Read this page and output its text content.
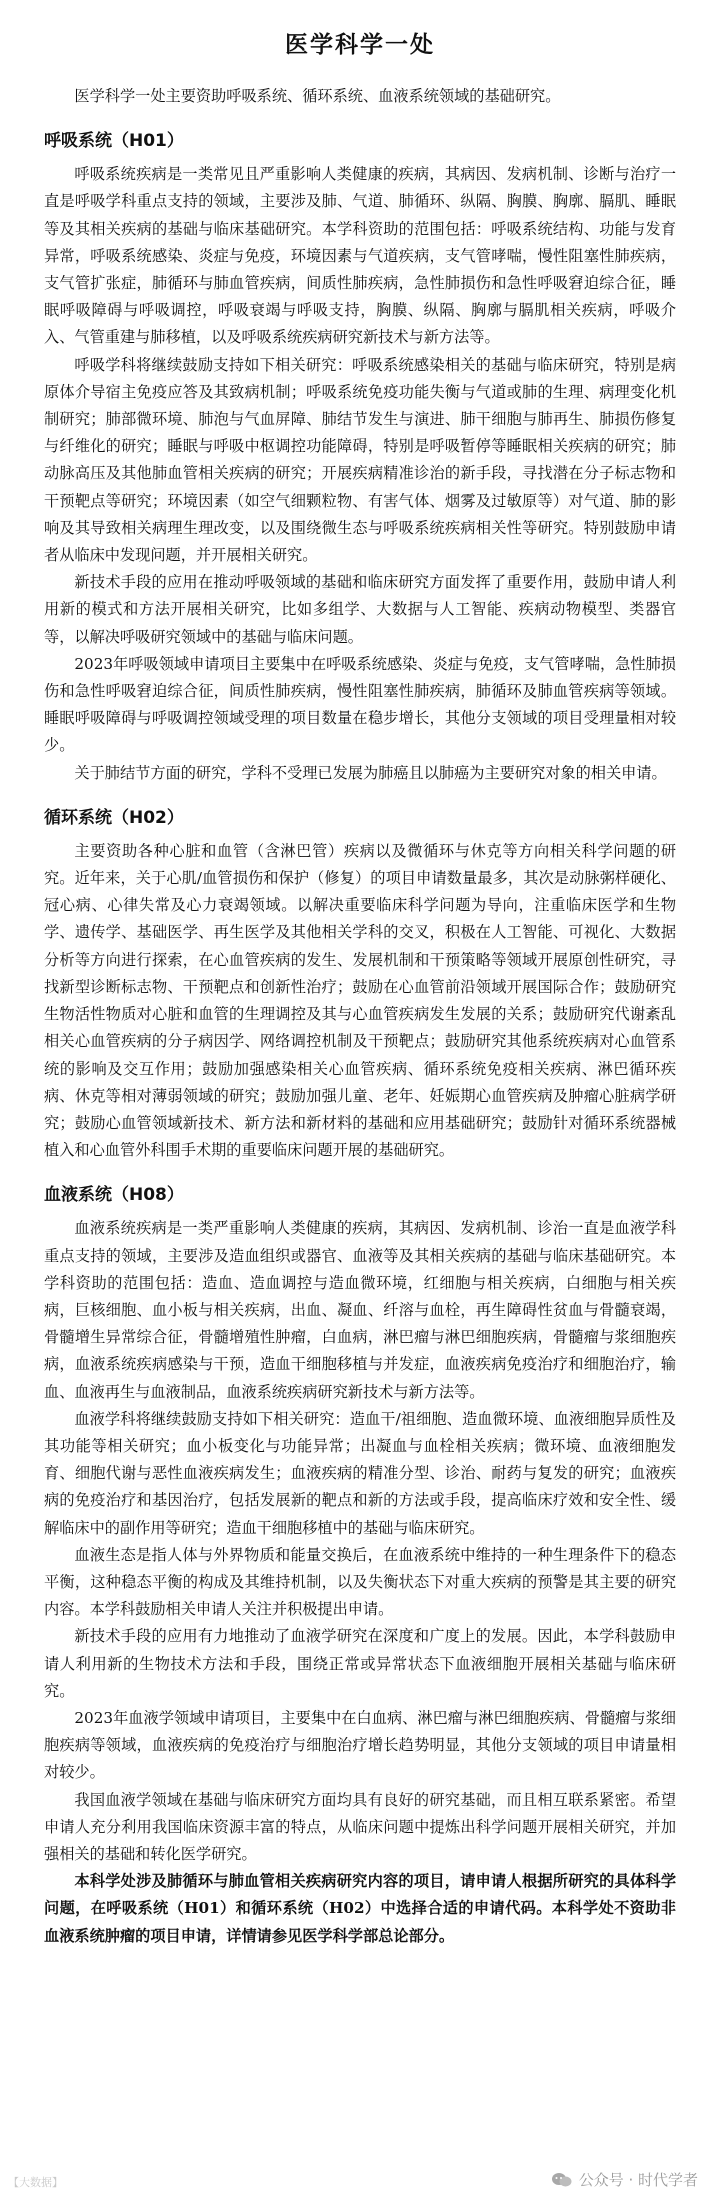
医学科学一处

医学科学一处主要资助呼吸系统、循环系统、血液系统领域的基础研究。

呼吸系统（H01）

呼吸系统疾病是一类常见且严重影响人类健康的疾病，其病因、发病机制、诊断与治疗一直是呼吸学科重点支持的领域，主要涉及肺、气道、肺循环、纵隔、胸膜、胸廓、膈肌、睡眠等及其相关疾病的基础与临床基础研究。本学科资助的范围包括：呼吸系统结构、功能与发育异常，呼吸系统感染、炎症与免疫，环境因素与气道疾病，支气管哮喘，慢性阻塞性肺疾病，支气管扩张症，肺循环与肺血管疾病，间质性肺疾病，急性肺损伤和急性呼吸窘迫综合征，睡眠呼吸障碍与呼吸调控，呼吸衰竭与呼吸支持，胸膜、纵隔、胸廓与膈肌相关疾病，呼吸介入、气管重建与肺移植，以及呼吸系统疾病研究新技术与新方法等。

呼吸学科将继续鼓励支持如下相关研究：呼吸系统感染相关的基础与临床研究，特别是病原体介导宿主免疫应答及其致病机制；呼吸系统免疫功能失衡与气道或肺的生理、病理变化机制研究；肺部微环境、肺泡与气血屏障、肺结节发生与演进、肺干细胞与肺再生、肺损伤修复与纤维化的研究；睡眠与呼吸中枢调控功能障碍，特别是呼吸暂停等睡眠相关疾病的研究；肺动脉高压及其他肺血管相关疾病的研究；开展疾病精准诊治的新手段，寻找潜在分子标志物和干预靶点等研究；环境因素（如空气细颗粒物、有害气体、烟雾及过敏原等）对气道、肺的影响及其导致相关病理生理改变，以及围绕微生态与呼吸系统疾病相关性等研究。特别鼓励申请者从临床中发现问题，并开展相关研究。

新技术手段的应用在推动呼吸领域的基础和临床研究方面发挥了重要作用，鼓励申请人利用新的模式和方法开展相关研究，比如多组学、大数据与人工智能、疾病动物模型、类器官等，以解决呼吸研究领域中的基础与临床问题。

2023年呼吸领域申请项目主要集中在呼吸系统感染、炎症与免疫，支气管哮喘，急性肺损伤和急性呼吸窘迫综合征，间质性肺疾病，慢性阻塞性肺疾病，肺循环及肺血管疾病等领域。睡眠呼吸障碍与呼吸调控领域受理的项目数量在稳步增长，其他分支领域的项目受理量相对较少。

关于肺结节方面的研究，学科不受理已发展为肺癌且以肺癌为主要研究对象的相关申请。

循环系统（H02）

主要资助各种心脏和血管（含淋巴管）疾病以及微循环与休克等方向相关科学问题的研究。近年来，关于心肌/血管损伤和保护（修复）的项目申请数量最多，其次是动脉粥样硬化、冠心病、心律失常及心力衰竭领域。以解决重要临床科学问题为导向，注重临床医学和生物学、遗传学、基础医学、再生医学及其他相关学科的交叉，积极在人工智能、可视化、大数据分析等方向进行探索，在心血管疾病的发生、发展机制和干预策略等领域开展原创性研究，寻找新型诊断标志物、干预靶点和创新性治疗；鼓励在心血管前沿领域开展国际合作；鼓励研究生物活性物质对心脏和血管的生理调控及其与心血管疾病发生发展的关系；鼓励研究代谢紊乱相关心血管疾病的分子病因学、网络调控机制及干预靶点；鼓励研究其他系统疾病对心血管系统的影响及交互作用；鼓励加强感染相关心血管疾病、循环系统免疫相关疾病、淋巴循环疾病、休克等相对薄弱领域的研究；鼓励加强儿童、老年、妊娠期心血管疾病及肿瘤心脏病学研究；鼓励心血管领域新技术、新方法和新材料的基础和应用基础研究；鼓励针对循环系统器械植入和心血管外科围手术期的重要临床问题开展的基础研究。

血液系统（H08）

血液系统疾病是一类严重影响人类健康的疾病，其病因、发病机制、诊治一直是血液学科重点支持的领域，主要涉及造血组织或器官、血液等及其相关疾病的基础与临床基础研究。本学科资助的范围包括：造血、造血调控与造血微环境，红细胞与相关疾病，白细胞与相关疾病，巨核细胞、血小板与相关疾病，出血、凝血、纤溶与血栓，再生障碍性贫血与骨髓衰竭，骨髓增生异常综合征，骨髓增殖性肿瘤，白血病，淋巴瘤与淋巴细胞疾病，骨髓瘤与浆细胞疾病，血液系统疾病感染与干预，造血干细胞移植与并发症，血液疾病免疫治疗和细胞治疗，输血、血液再生与血液制品，血液系统疾病研究新技术与新方法等。

血液学科将继续鼓励支持如下相关研究：造血干/祖细胞、造血微环境、血液细胞异质性及其功能等相关研究；血小板变化与功能异常；出凝血与血栓相关疾病；微环境、血液细胞发育、细胞代谢与恶性血液疾病发生；血液疾病的精准分型、诊治、耐药与复发的研究；血液疾病的免疫治疗和基因治疗，包括发展新的靶点和新的方法或手段，提高临床疗效和安全性、缓解临床中的副作用等研究；造血干细胞移植中的基础与临床研究。

血液生态是指人体与外界物质和能量交换后，在血液系统中维持的一种生理条件下的稳态平衡，这种稳态平衡的构成及其维持机制，以及失衡状态下对重大疾病的预警是其主要的研究内容。本学科鼓励相关申请人关注并积极提出申请。

新技术手段的应用有力地推动了血液学研究在深度和广度上的发展。因此，本学科鼓励申请人利用新的生物技术方法和手段，围绕正常或异常状态下血液细胞开展相关基础与临床研究。

2023年血液学领域申请项目，主要集中在白血病、淋巴瘤与淋巴细胞疾病、骨髓瘤与浆细胞疾病等领域，血液疾病的免疫治疗与细胞治疗增长趋势明显，其他分支领域的项目申请量相对较少。

我国血液学领域在基础与临床研究方面均具有良好的研究基础，而且相互联系紧密。希望申请人充分利用我国临床资源丰富的特点，从临床问题中提炼出科学问题开展相关研究，并加强相关的基础和转化医学研究。

本科学处涉及肺循环与肺血管相关疾病研究内容的项目，请申请人根据所研究的具体科学问题，在呼吸系统（H01）和循环系统（H02）中选择合适的申请代码。本科学处不资助非血液系统肿瘤的项目申请，详情请参见医学科学部总论部分。

【大数据】	公众号 · 时代学者
